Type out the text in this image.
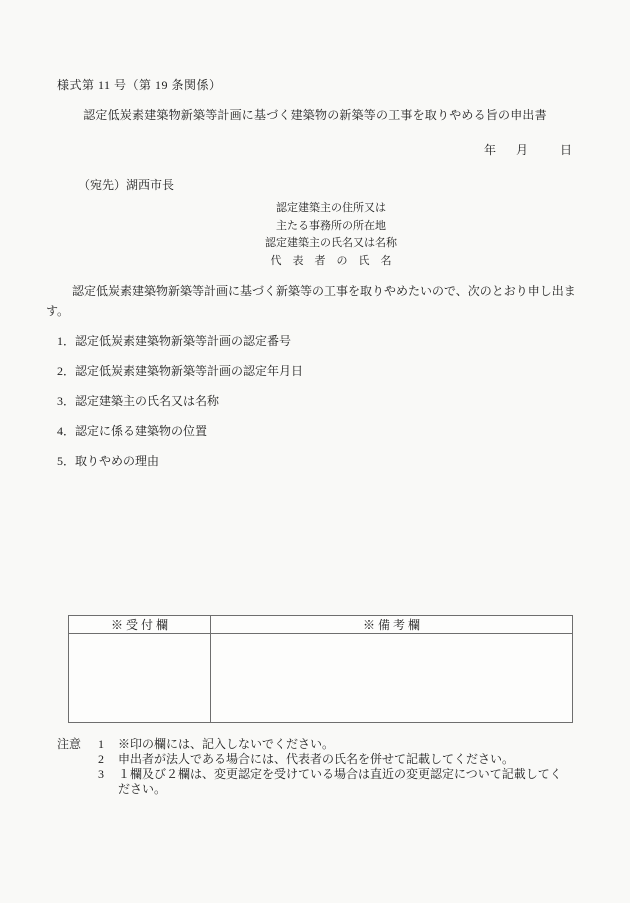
様式第 11 号（第 19 条関係）
認定低炭素建築物新築等計画に基づく建築物の新築等の工事を取りやめる旨の申出書
年 月	日
（宛先）湖西市長
認定建築主の住所又は
主たる事務所の所在地
認定建築主の氏名又は名称
代　表　者　の　氏　名
認定低炭素建築物新築等計画に基づく新築等の工事を取りやめたいので、次のとおり申し出ます。
1．認定低炭素建築物新築等計画の認定番号
2．認定低炭素建築物新築等計画の認定年月日
3．認定建築主の氏名又は名称
4．認定に係る建築物の位置
5．取りやめの理由
※ 受 付 欄	※ 備 考 欄

注意	1	※印の欄には、記入しないでください。
2	申出者が法人である場合には、代表者の氏名を併せて記載してください。
3	１欄及び２欄は、変更認定を受けている場合は直近の変更認定について記載してください。
